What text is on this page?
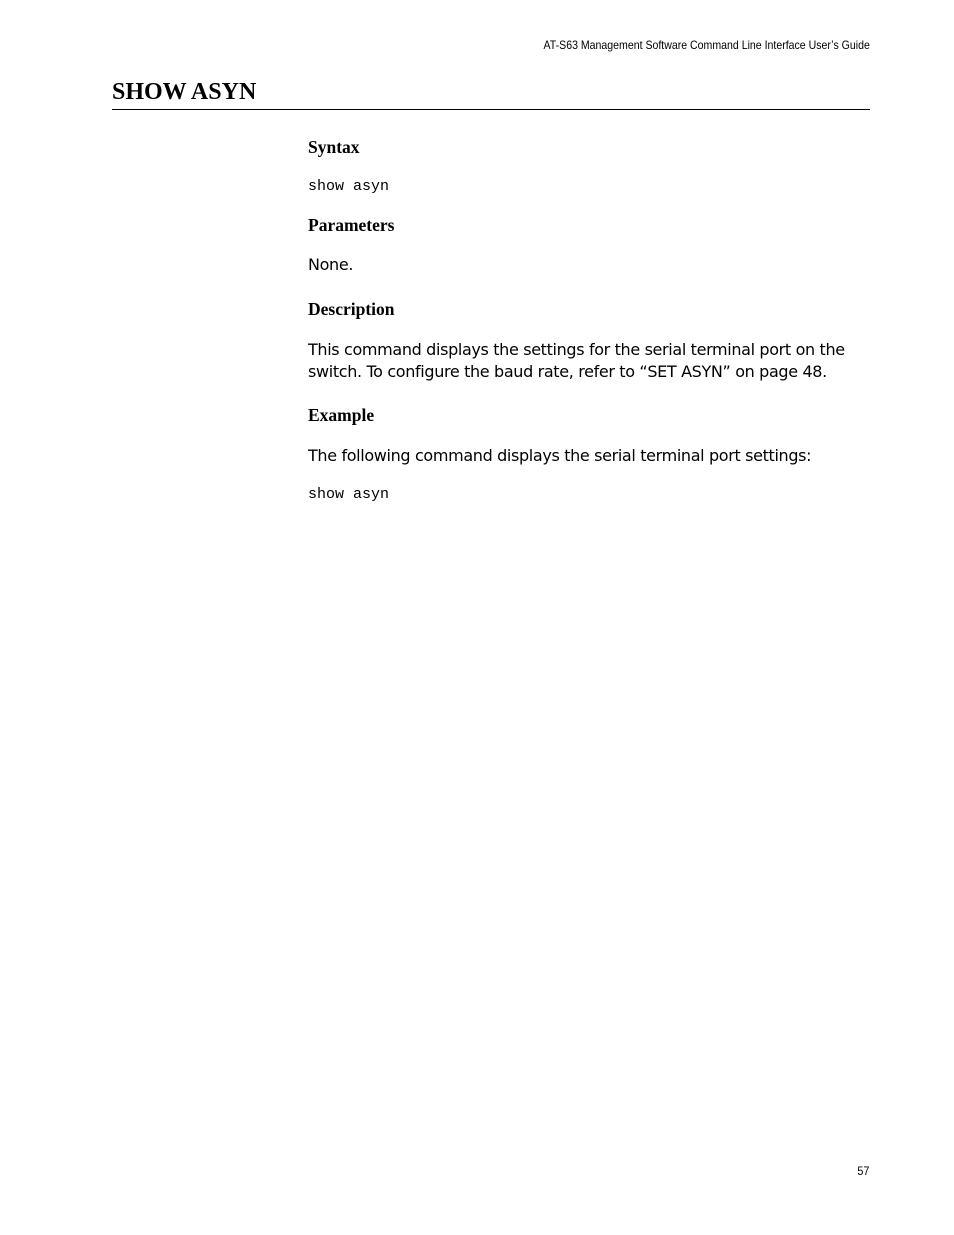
AT-S63 Management Software Command Line Interface User’s Guide
SHOW ASYN
Syntax
show asyn
Parameters

None.

Description

This command displays the settings for the serial terminal port on the switch. To configure the baud rate, refer to “SET ASYN” on page 48.

Example

The following command displays the serial terminal port settings:

show asyn
57
